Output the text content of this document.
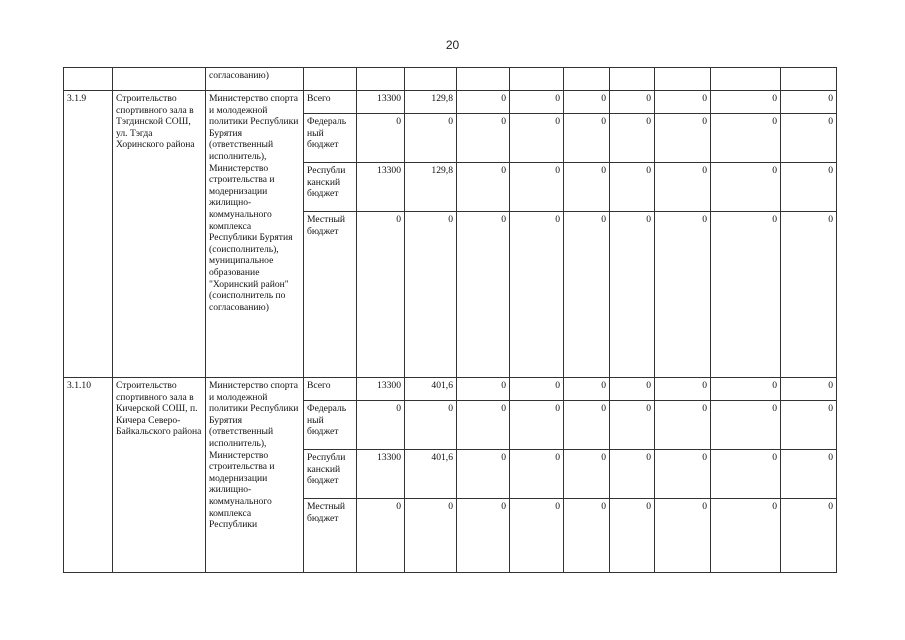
20
		согласованию)										
3.1.9	Строительство спортивного зала в Тэгдинской СОШ, ул. Тэгда Хоринского района	Министерство спорта и молодежной политики Республики Бурятия (ответственный исполнитель), Министерство строительства и модернизации жилищно-коммунального комплекса Республики Бурятия (соисполнитель), муниципальное образование "Хоринский район" (соисполнитель по согласованию)	Всего	13300	129,8	0	0	0	0	0	0	0
			Федераль ный бюджет	0	0	0	0	0	0	0	0	0
			Республи канский бюджет	13300	129,8	0	0	0	0	0	0	0
			Местный бюджет	0	0	0	0	0	0	0	0	0
3.1.10	Строительство спортивного зала в Кичерской СОШ, п. Кичера Северо-Байкальского района	Министерство спорта и молодежной политики Республики Бурятия (ответственный исполнитель), Министерство строительства и модернизации жилищно-коммунального комплекса Республики	Всего	13300	401,6	0	0	0	0	0	0	0
			Федераль ный бюджет	0	0	0	0	0	0	0	0	0
			Республи канский бюджет	13300	401,6	0	0	0	0	0	0	0
			Местный бюджет	0	0	0	0	0	0	0	0	0
